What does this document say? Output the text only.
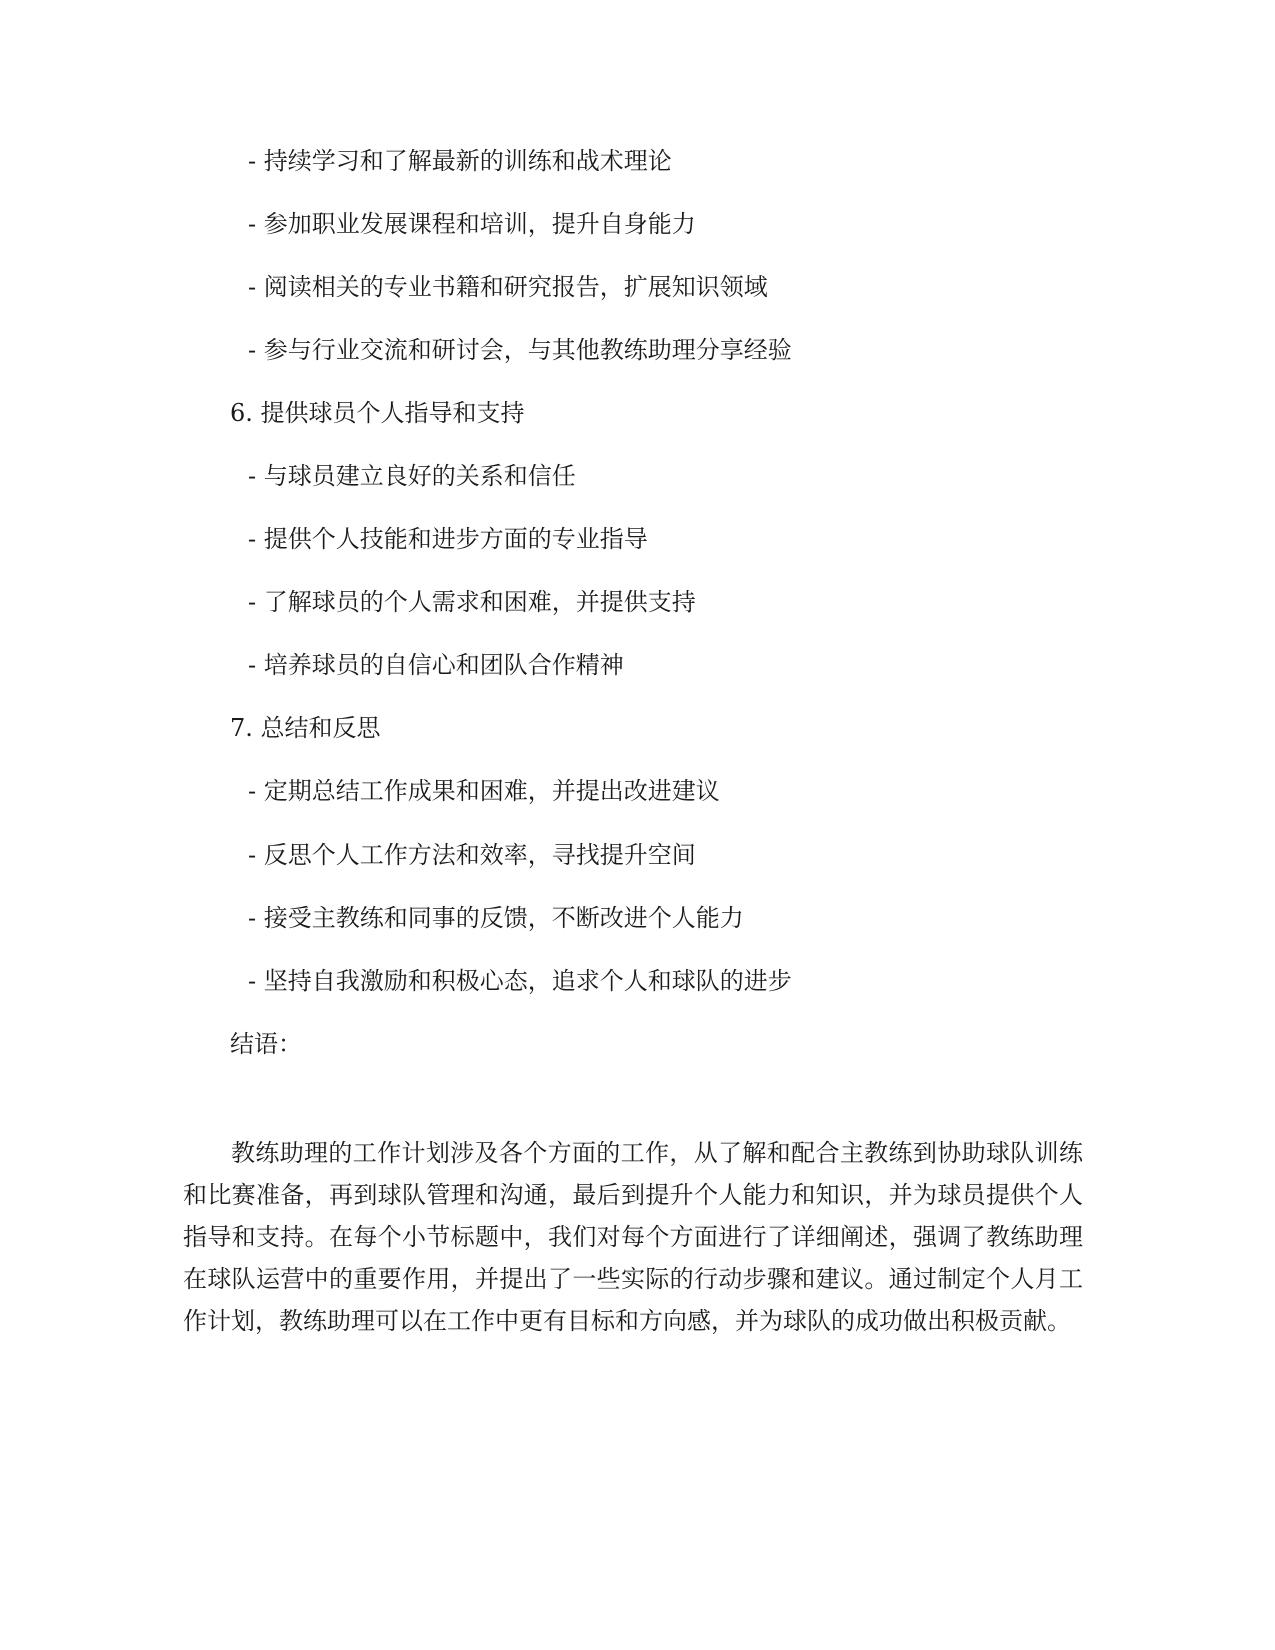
- 持续学习和了解最新的训练和战术理论
- 参加职业发展课程和培训，提升自身能力
- 阅读相关的专业书籍和研究报告，扩展知识领域
- 参与行业交流和研讨会，与其他教练助理分享经验
6. 提供球员个人指导和支持
- 与球员建立良好的关系和信任
- 提供个人技能和进步方面的专业指导
- 了解球员的个人需求和困难，并提供支持
- 培养球员的自信心和团队合作精神
7. 总结和反思
- 定期总结工作成果和困难，并提出改进建议
- 反思个人工作方法和效率，寻找提升空间
- 接受主教练和同事的反馈，不断改进个人能力
- 坚持自我激励和积极心态，追求个人和球队的进步
结语：

教练助理的工作计划涉及各个方面的工作，从了解和配合主教练到协助球队训练和比赛准备，再到球队管理和沟通，最后到提升个人能力和知识，并为球员提供个人指导和支持。在每个小节标题中，我们对每个方面进行了详细阐述，强调了教练助理在球队运营中的重要作用，并提出了一些实际的行动步骤和建议。通过制定个人月工作计划，教练助理可以在工作中更有目标和方向感，并为球队的成功做出积极贡献。
